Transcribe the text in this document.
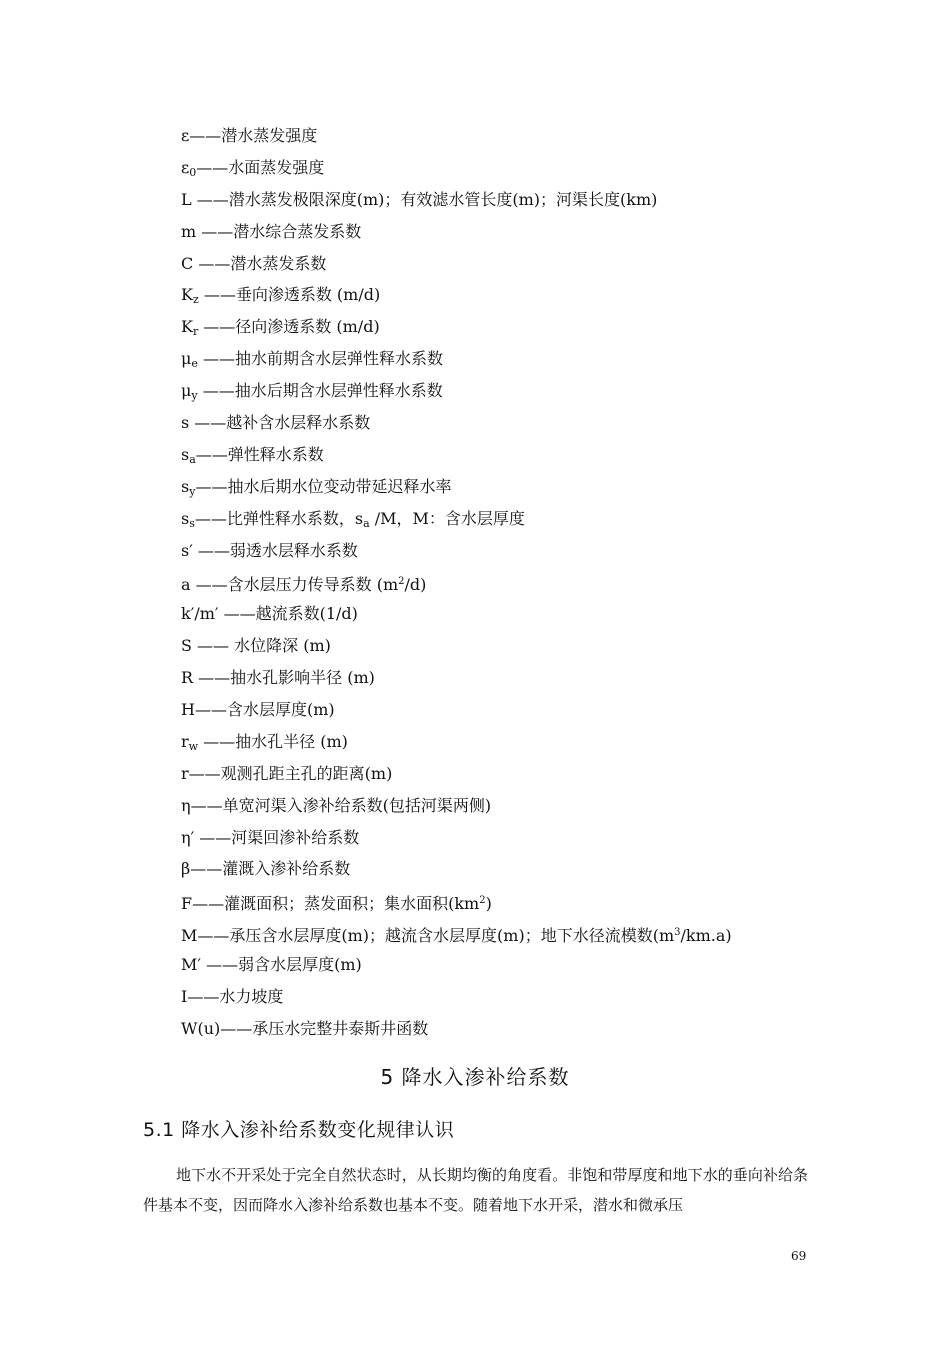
ε——潜水蒸发强度
$\varepsilon_0——$水面蒸发强度
L ——潜水蒸发极限深度(m)；有效滤水管长度(m)；河渠长度(km)
m ——潜水综合蒸发系数
C ——潜水蒸发系数
$K_z$ ——垂向渗透系数 (m/d)
$K_r$ ——径向渗透系数 (m/d)
$\mu_e$ ——抽水前期含水层弹性释水系数
$\mu_y$ ——抽水后期含水层弹性释水系数
s ——越补含水层释水系数
$s_a——$弹性释水系数
$s_y——$抽水后期水位变动带延迟释水率
$s_s——$比弹性释水系数，$s_a$ /M，M：含水层厚度
s′ ——弱透水层释水系数
a ——含水层压力传导系数 $(m^2/d)$
k′/m′ ——越流系数(1/d)
S —— 水位降深 (m)
R ——抽水孔影响半径 (m)
H——含水层厚度(m)
$r_w$ ——抽水孔半径 (m)
r——观测孔距主孔的距离(m)
η——单宽河渠入渗补给系数(包括河渠两侧)
η′ ——河渠回渗补给系数
β——灌溉入渗补给系数
F——灌溉面积；蒸发面积；集水面积$(km^2)$
M——承压含水层厚度(m)；越流含水层厚度(m)；地下水径流模数$(m^3/km.a)$
M′ ——弱含水层厚度(m)
I——水力坡度
W(u)——承压水完整井泰斯井函数
5 降水入渗补给系数
5.1 降水入渗补给系数变化规律认识
地下水不开采处于完全自然状态时，从长期均衡的角度看。非饱和带厚度和地下水的垂向补给条件基本不变，因而降水入渗补给系数也基本不变。随着地下水开采，潜水和微承压
69
